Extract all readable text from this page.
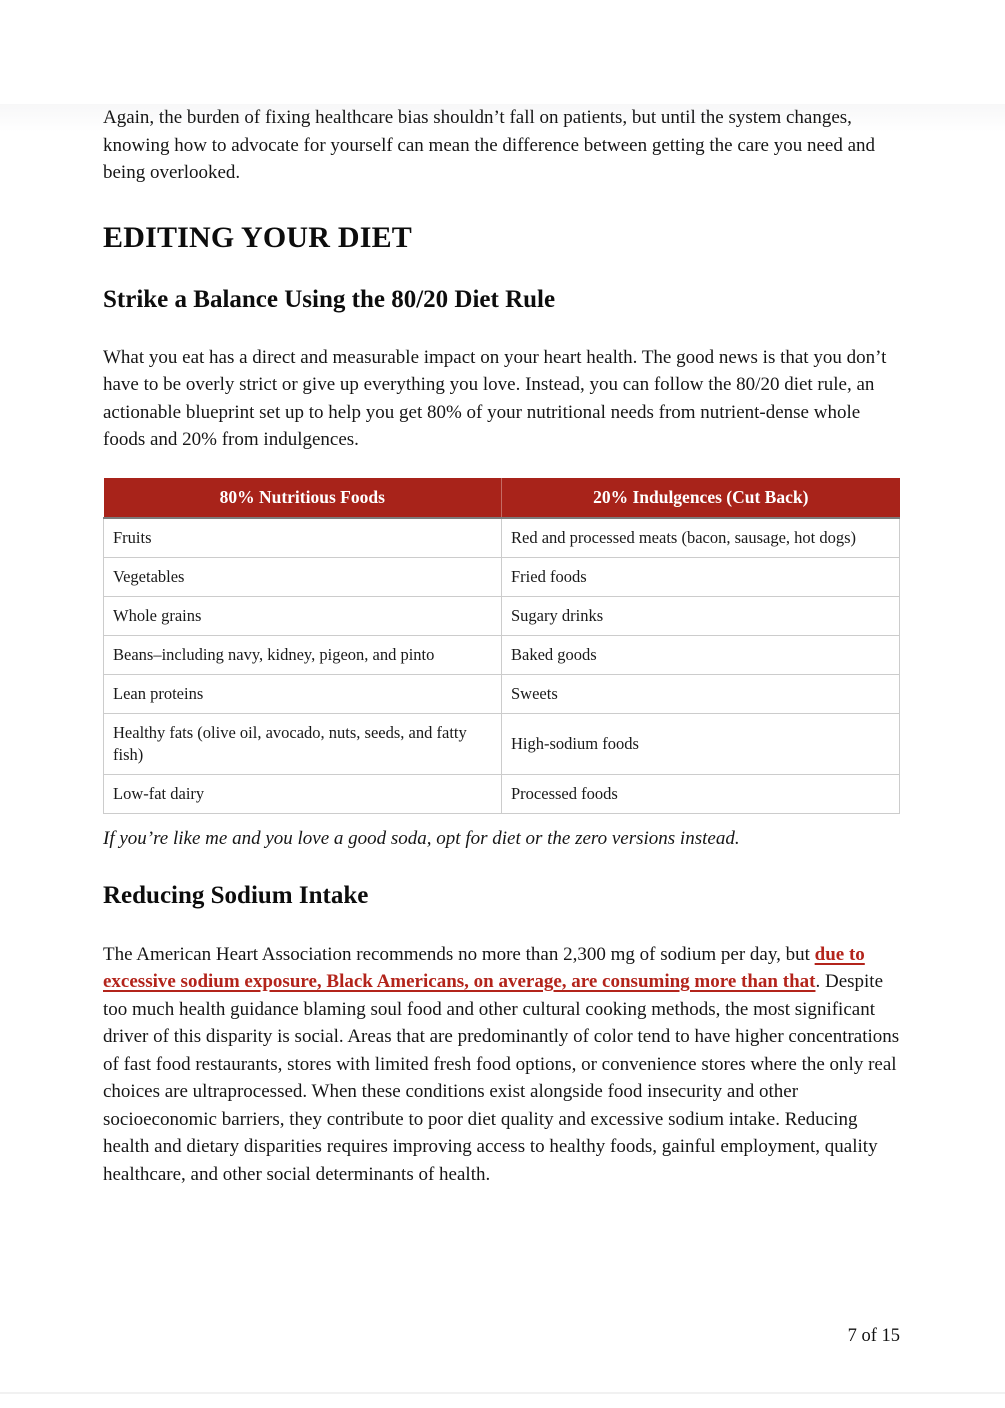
Again, the burden of fixing healthcare bias shouldn’t fall on patients, but until the system changes, knowing how to advocate for yourself can mean the difference between getting the care you need and being overlooked.

EDITING YOUR DIET
Strike a Balance Using the 80/20 Diet Rule

What you eat has a direct and measurable impact on your heart health. The good news is that you don’t have to be overly strict or give up everything you love. Instead, you can follow the 80/20 diet rule, an actionable blueprint set up to help you get 80% of your nutritional needs from nutrient-dense whole foods and 20% from indulgences.

80% Nutritious Foods	20% Indulgences (Cut Back)
Fruits	Red and processed meats (bacon, sausage, hot dogs)
Vegetables	Fried foods
Whole grains	Sugary drinks
Beans–including navy, kidney, pigeon, and pinto	Baked goods
Lean proteins	Sweets
Healthy fats (olive oil, avocado, nuts, seeds, and fatty fish)	High-sodium foods
Low-fat dairy	Processed foods

If you’re like me and you love a good soda, opt for diet or the zero versions instead.

Reducing Sodium Intake

The American Heart Association recommends no more than 2,300 mg of sodium per day, but due to excessive sodium exposure, Black Americans, on average, are consuming more than that. Despite too much health guidance blaming soul food and other cultural cooking methods, the most significant driver of this disparity is social. Areas that are predominantly of color tend to have higher concentrations of fast food restaurants, stores with limited fresh food options, or convenience stores where the only real choices are ultraprocessed. When these conditions exist alongside food insecurity and other socioeconomic barriers, they contribute to poor diet quality and excessive sodium intake. Reducing health and dietary disparities requires improving access to healthy foods, gainful employment, quality healthcare, and other social determinants of health.

7 of 15
